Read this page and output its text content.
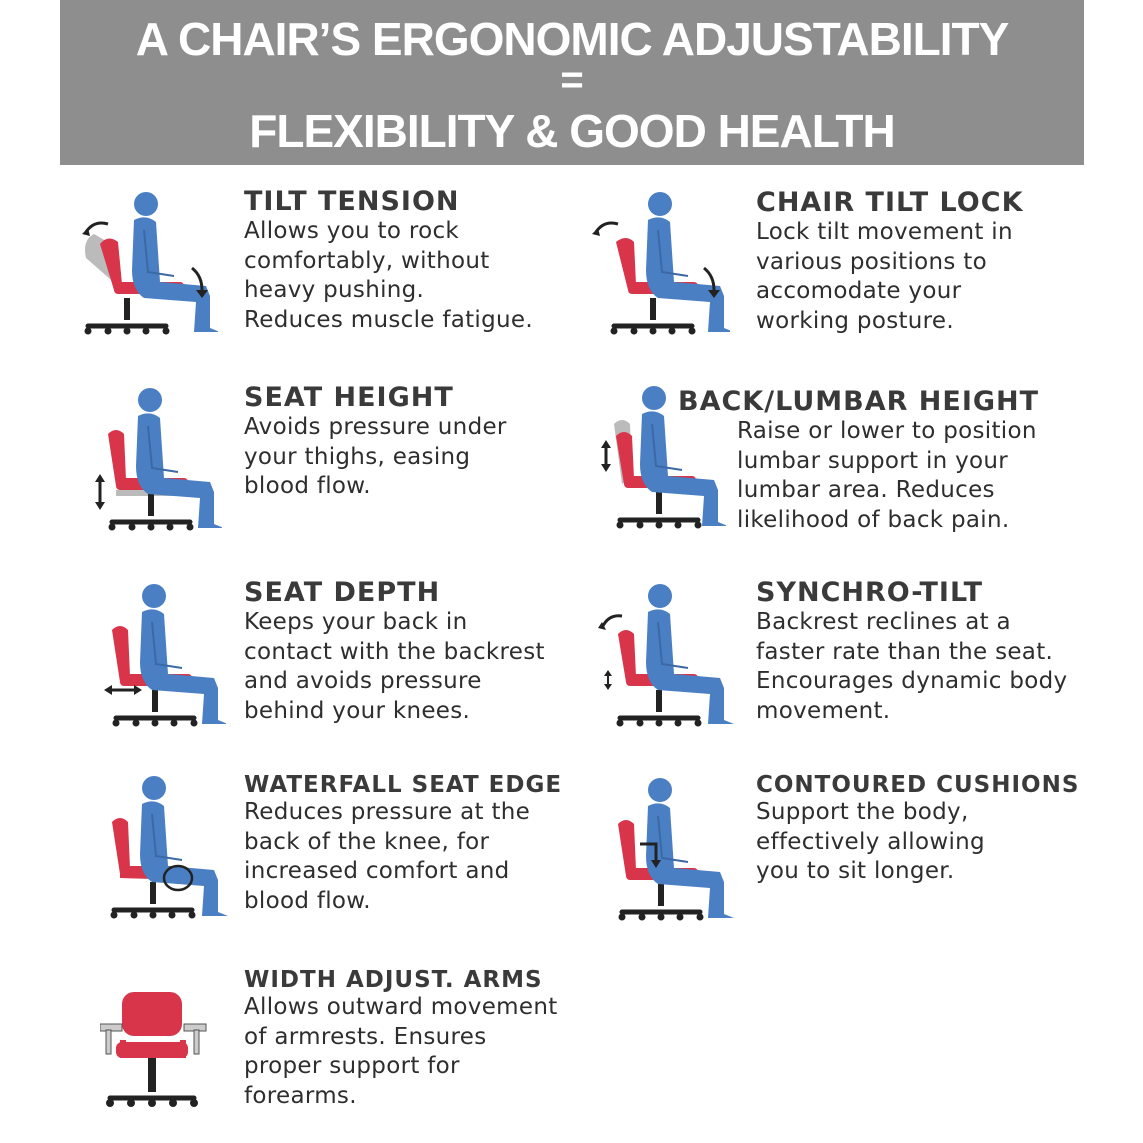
A CHAIR’S ERGONOMIC ADJUSTABILITY
=
FLEXIBILITY & GOOD HEALTH
TILT TENSION
Allows you to rock
comfortably, without
heavy pushing.
Reduces muscle fatigue.
CHAIR TILT LOCK
Lock tilt movement in
various positions to
accomodate your
working posture.
SEAT HEIGHT
Avoids pressure under
your thighs, easing
blood flow.
BACK/LUMBAR HEIGHT
Raise or lower to position
lumbar support in your
lumbar area. Reduces
likelihood of back pain.
SEAT DEPTH
Keeps your back in
contact with the backrest
and avoids pressure
behind your knees.
SYNCHRO-TILT
Backrest reclines at a
faster rate than the seat.
Encourages dynamic body
movement.
WATERFALL SEAT EDGE
Reduces pressure at the
back of the knee, for
increased comfort and
blood flow.
CONTOURED CUSHIONS
Support the body,
effectively allowing
you to sit longer.
WIDTH ADJUST. ARMS
Allows outward movement
of armrests. Ensures
proper support for
forearms.
